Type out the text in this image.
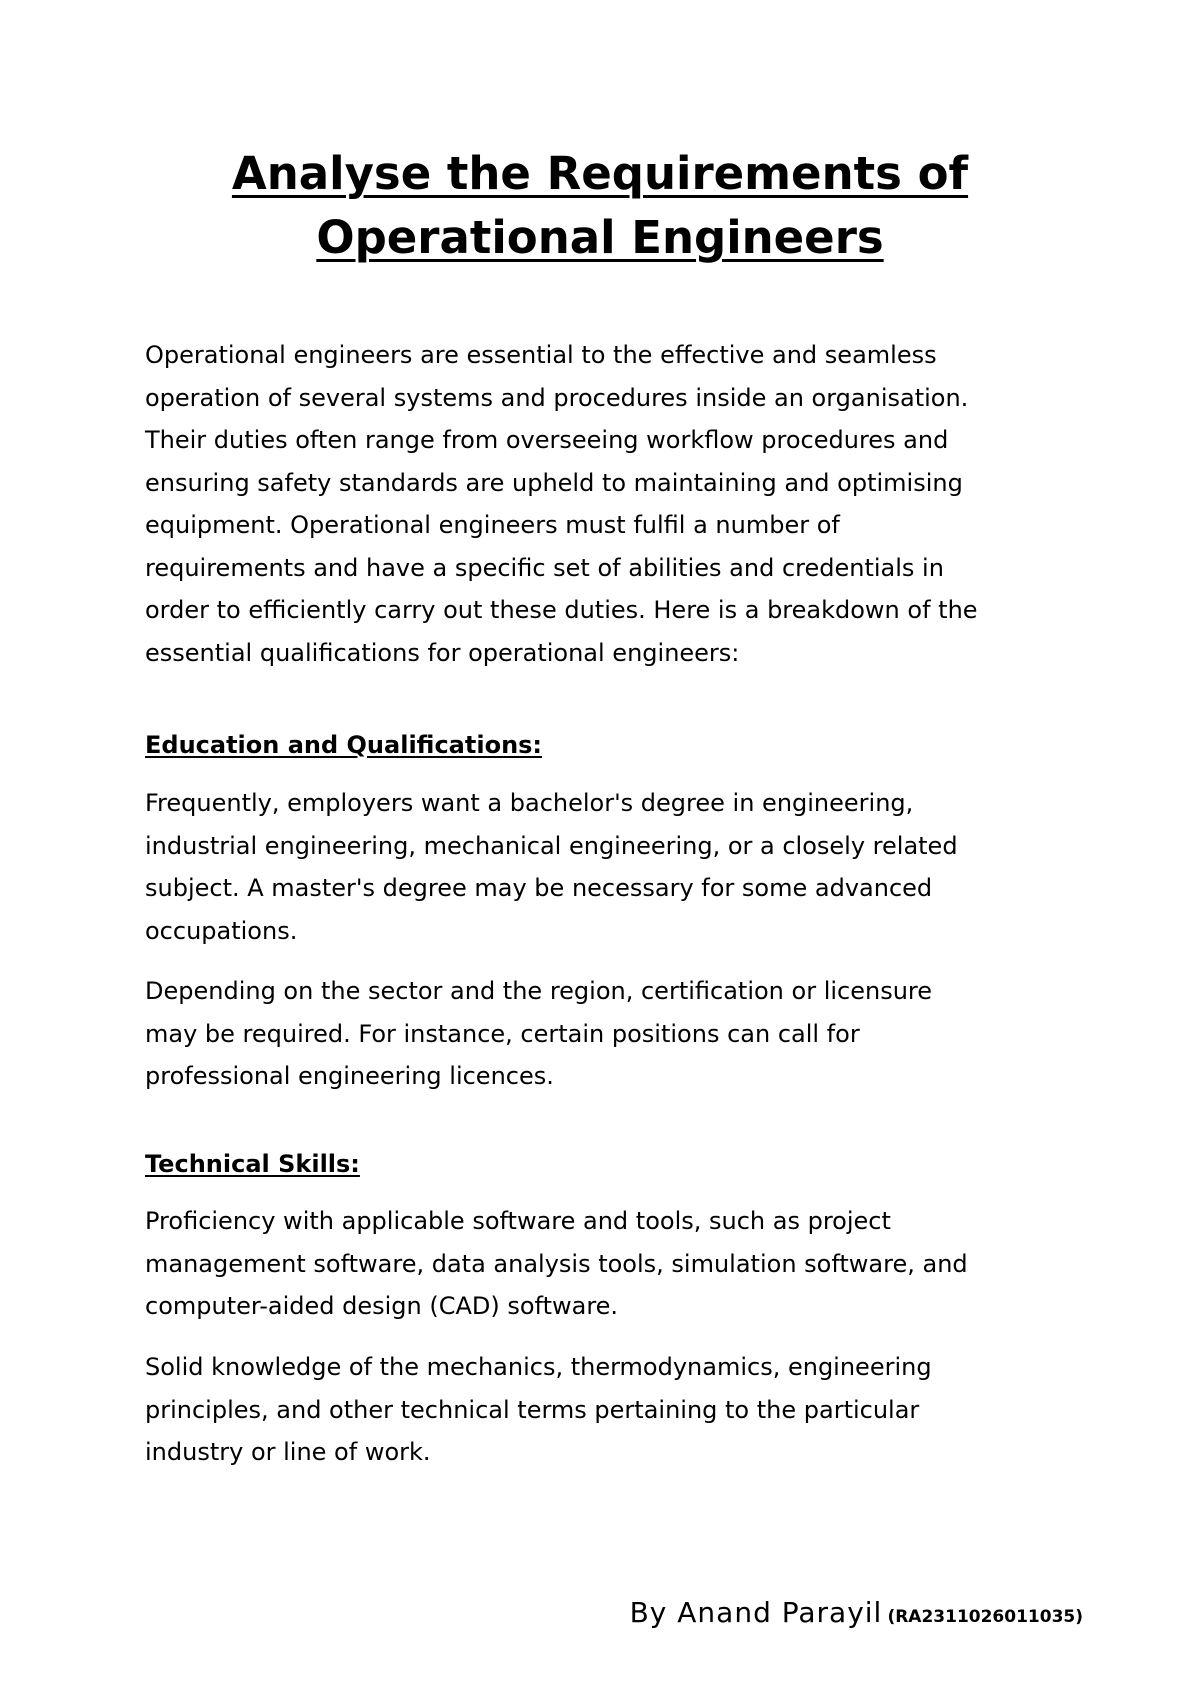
Analyse the Requirements of
Operational Engineers

Operational engineers are essential to the effective and seamless
operation of several systems and procedures inside an organisation.
Their duties often range from overseeing workflow procedures and
ensuring safety standards are upheld to maintaining and optimising
equipment. Operational engineers must fulfil a number of
requirements and have a specific set of abilities and credentials in
order to efficiently carry out these duties. Here is a breakdown of the
essential qualifications for operational engineers:

Education and Qualifications:

Frequently, employers want a bachelor's degree in engineering,
industrial engineering, mechanical engineering, or a closely related
subject. A master's degree may be necessary for some advanced
occupations.

Depending on the sector and the region, certification or licensure
may be required. For instance, certain positions can call for
professional engineering licences.

Technical Skills:

Proficiency with applicable software and tools, such as project
management software, data analysis tools, simulation software, and
computer-aided design (CAD) software.

Solid knowledge of the mechanics, thermodynamics, engineering
principles, and other technical terms pertaining to the particular
industry or line of work.

By Anand Parayil (RA2311026011035)
